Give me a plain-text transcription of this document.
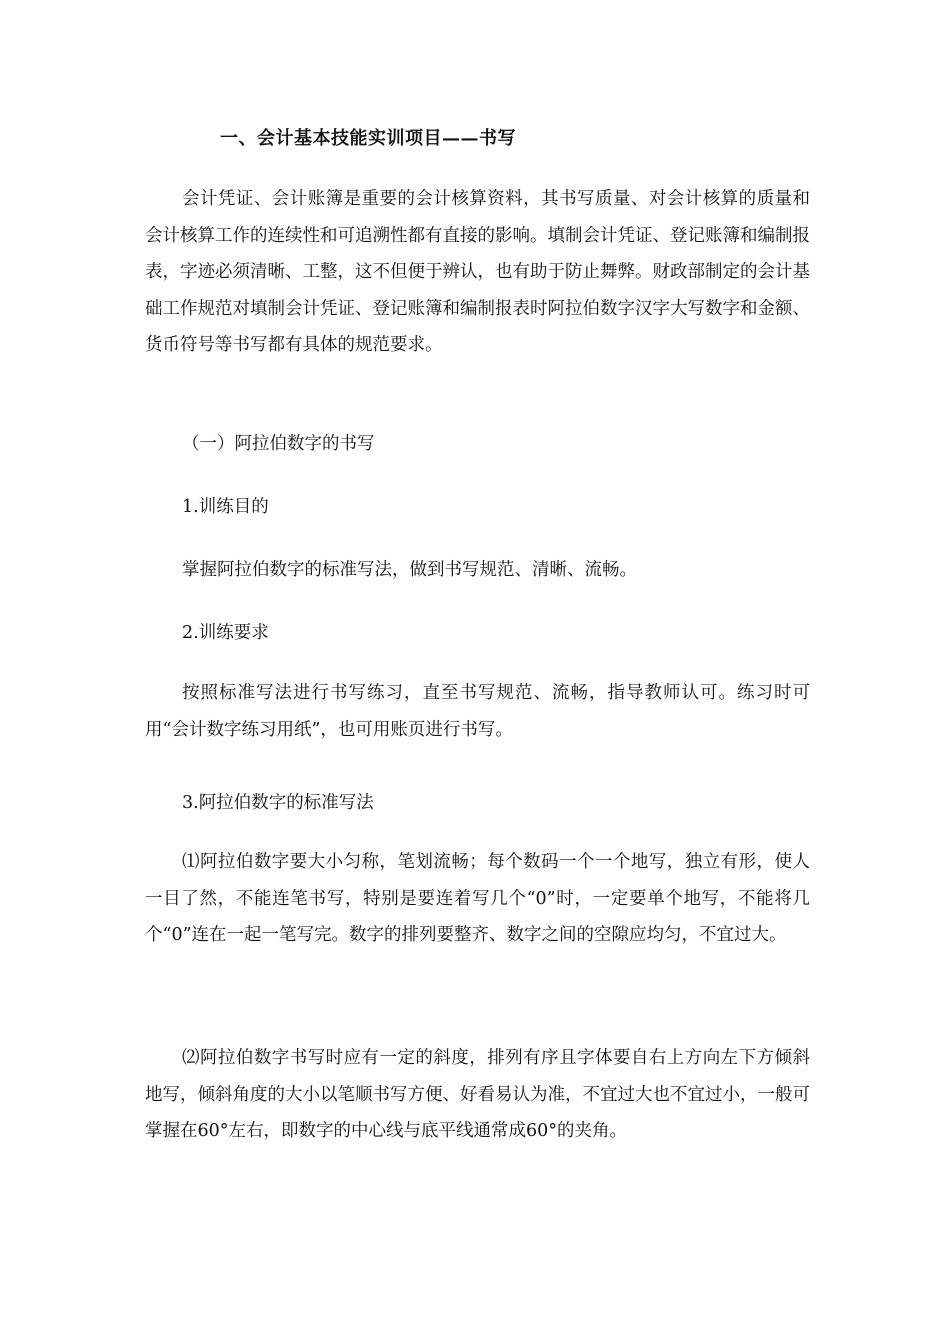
一、会计基本技能实训项目——书写

会计凭证、会计账簿是重要的会计核算资料，其书写质量、对会计核算的质量和会计核算工作的连续性和可追溯性都有直接的影响。填制会计凭证、登记账簿和编制报表，字迹必须清晰、工整，这不但便于辨认，也有助于防止舞弊。财政部制定的会计基础工作规范对填制会计凭证、登记账簿和编制报表时阿拉伯数字汉字大写数字和金额、货币符号等书写都有具体的规范要求。

（一）阿拉伯数字的书写

1.训练目的

掌握阿拉伯数字的标准写法，做到书写规范、清晰、流畅。

2.训练要求

按照标准写法进行书写练习，直至书写规范、流畅，指导教师认可。练习时可用“会计数字练习用纸”，也可用账页进行书写。

3.阿拉伯数字的标准写法

⑴阿拉伯数字要大小匀称，笔划流畅；每个数码一个一个地写，独立有形，使人一目了然，不能连笔书写，特别是要连着写几个“0”时，一定要单个地写，不能将几个“0”连在一起一笔写完。数字的排列要整齐、数字之间的空隙应均匀，不宜过大。

⑵阿拉伯数字书写时应有一定的斜度，排列有序且字体要自右上方向左下方倾斜地写，倾斜角度的大小以笔顺书写方便、好看易认为准，不宜过大也不宜过小，一般可掌握在60°左右，即数字的中心线与底平线通常成60°的夹角。
